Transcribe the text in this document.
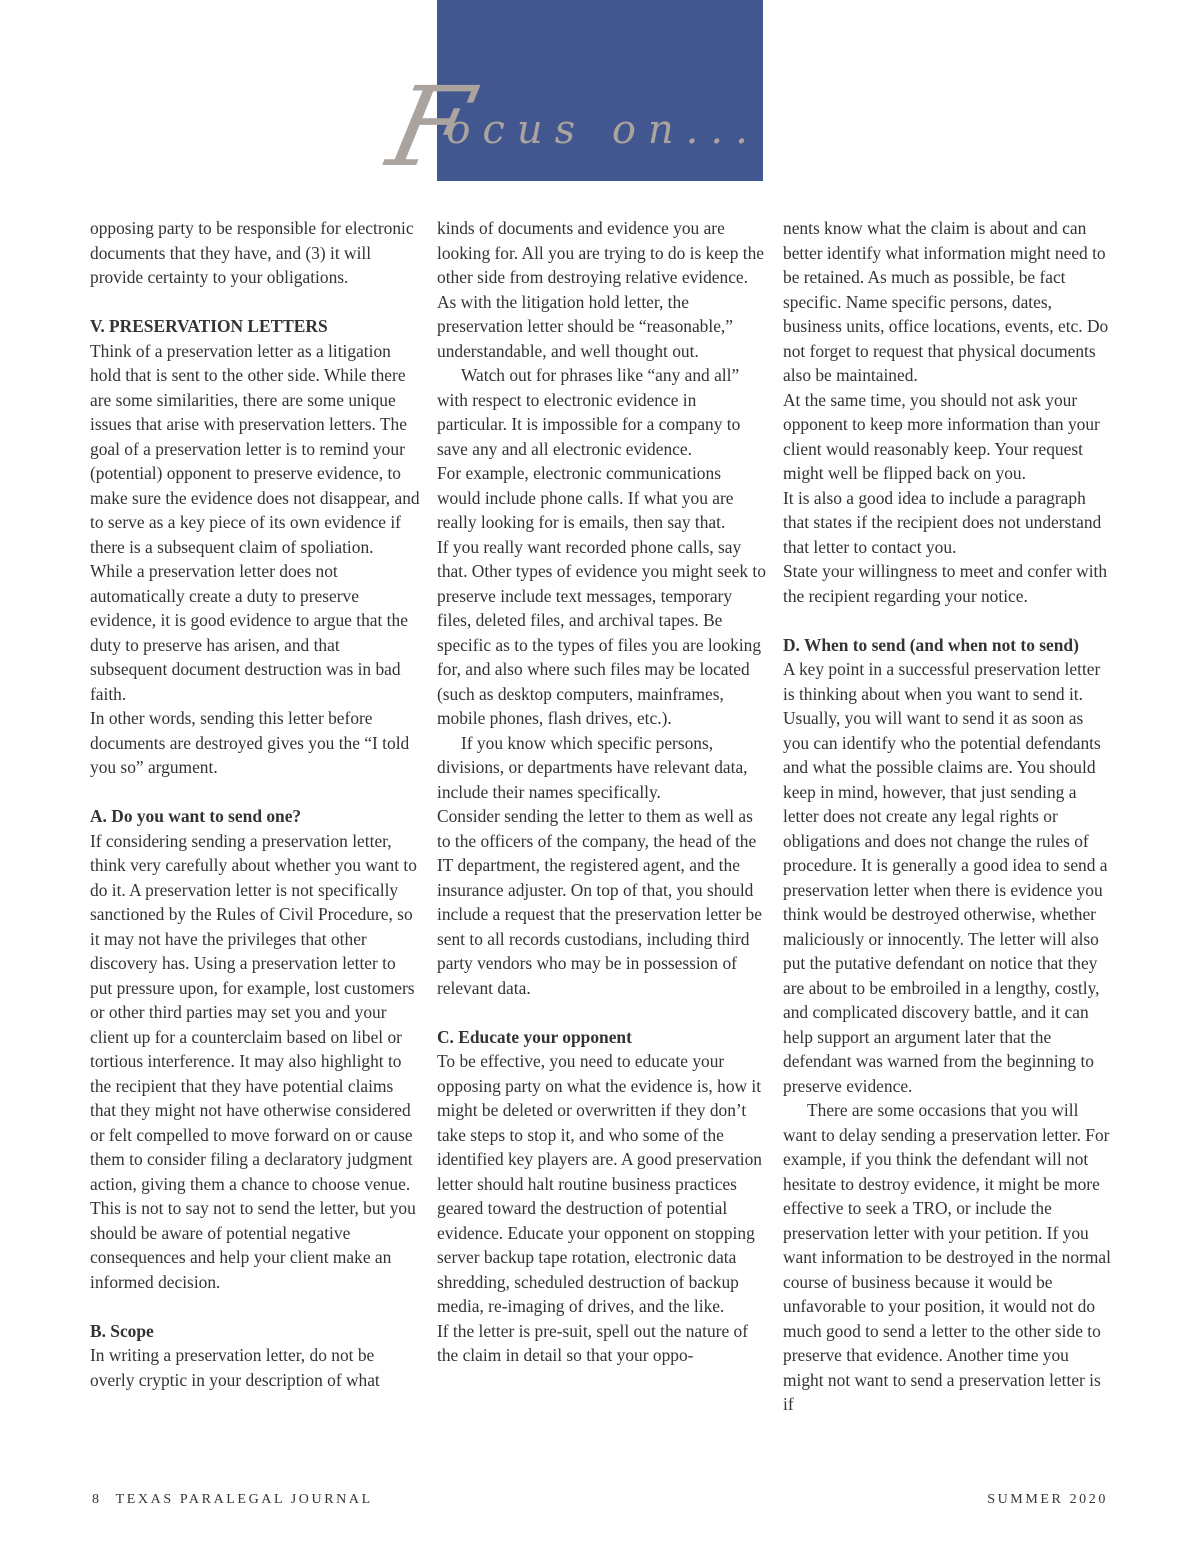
Focus on...

opposing party to be responsible for electronic documents that they have, and (3) it will provide certainty to your obligations.

V. PRESERVATION LETTERS

Think of a preservation letter as a litigation hold that is sent to the other side. While there are some similarities, there are some unique issues that arise with preservation letters. The goal of a preservation letter is to remind your (potential) opponent to preserve evidence, to make sure the evidence does not disappear, and to serve as a key piece of its own evidence if there is a subsequent claim of spoliation. While a preservation letter does not automatically create a duty to preserve evidence, it is good evidence to argue that the duty to preserve has arisen, and that subsequent document destruction was in bad faith.

In other words, sending this letter before documents are destroyed gives you the “I told you so” argument.

A. Do you want to send one?

If considering sending a preservation letter, think very carefully about whether you want to do it. A preservation letter is not specifically sanctioned by the Rules of Civil Procedure, so it may not have the privileges that other discovery has. Using a preservation letter to put pressure upon, for example, lost customers or other third parties may set you and your client up for a counterclaim based on libel or tortious interference. It may also highlight to the recipient that they have potential claims that they might not have otherwise considered or felt compelled to move forward on or cause them to consider filing a declaratory judgment action, giving them a chance to choose venue. This is not to say not to send the letter, but you should be aware of potential negative consequences and help your client make an informed decision.

B. Scope

In writing a preservation letter, do not be overly cryptic in your description of what

kinds of documents and evidence you are looking for. All you are trying to do is keep the other side from destroying relative evidence. As with the litigation hold letter, the preservation letter should be “reasonable,” understandable, and well thought out.

Watch out for phrases like “any and all” with respect to electronic evidence in particular. It is impossible for a company to save any and all electronic evidence.

For example, electronic communications would include phone calls. If what you are really looking for is emails, then say that.

If you really want recorded phone calls, say that. Other types of evidence you might seek to preserve include text messages, temporary files, deleted files, and archival tapes. Be specific as to the types of files you are looking for, and also where such files may be located (such as desktop computers, mainframes, mobile phones, flash drives, etc.).

If you know which specific persons, divisions, or departments have relevant data, include their names specifically.

Consider sending the letter to them as well as to the officers of the company, the head of the IT department, the registered agent, and the insurance adjuster. On top of that, you should include a request that the preservation letter be sent to all records custodians, including third party vendors who may be in possession of relevant data.

C. Educate your opponent

To be effective, you need to educate your opposing party on what the evidence is, how it might be deleted or overwritten if they don’t take steps to stop it, and who some of the identified key players are. A good preservation letter should halt routine business practices geared toward the destruction of potential evidence. Educate your opponent on stopping server backup tape rotation, electronic data shredding, scheduled destruction of backup media, re-imaging of drives, and the like.

If the letter is pre-suit, spell out the nature of the claim in detail so that your oppo-

nents know what the claim is about and can better identify what information might need to be retained. As much as possible, be fact specific. Name specific persons, dates, business units, office locations, events, etc. Do not forget to request that physical documents also be maintained.

At the same time, you should not ask your opponent to keep more information than your client would reasonably keep. Your request might well be flipped back on you.

It is also a good idea to include a paragraph that states if the recipient does not understand that letter to contact you.

State your willingness to meet and confer with the recipient regarding your notice.

D. When to send (and when not to send)

A key point in a successful preservation letter is thinking about when you want to send it. Usually, you will want to send it as soon as you can identify who the potential defendants and what the possible claims are. You should keep in mind, however, that just sending a letter does not create any legal rights or obligations and does not change the rules of procedure. It is generally a good idea to send a preservation letter when there is evidence you think would be destroyed otherwise, whether maliciously or innocently. The letter will also put the putative defendant on notice that they are about to be embroiled in a lengthy, costly, and complicated discovery battle, and it can help support an argument later that the defendant was warned from the beginning to preserve evidence.

There are some occasions that you will want to delay sending a preservation letter. For example, if you think the defendant will not hesitate to destroy evidence, it might be more effective to seek a TRO, or include the preservation letter with your petition. If you want information to be destroyed in the normal course of business because it would be unfavorable to your position, it would not do much good to send a letter to the other side to preserve that evidence. Another time you might not want to send a preservation letter is if

8 TEXAS PARALEGAL JOURNAL	SUMMER 2020
